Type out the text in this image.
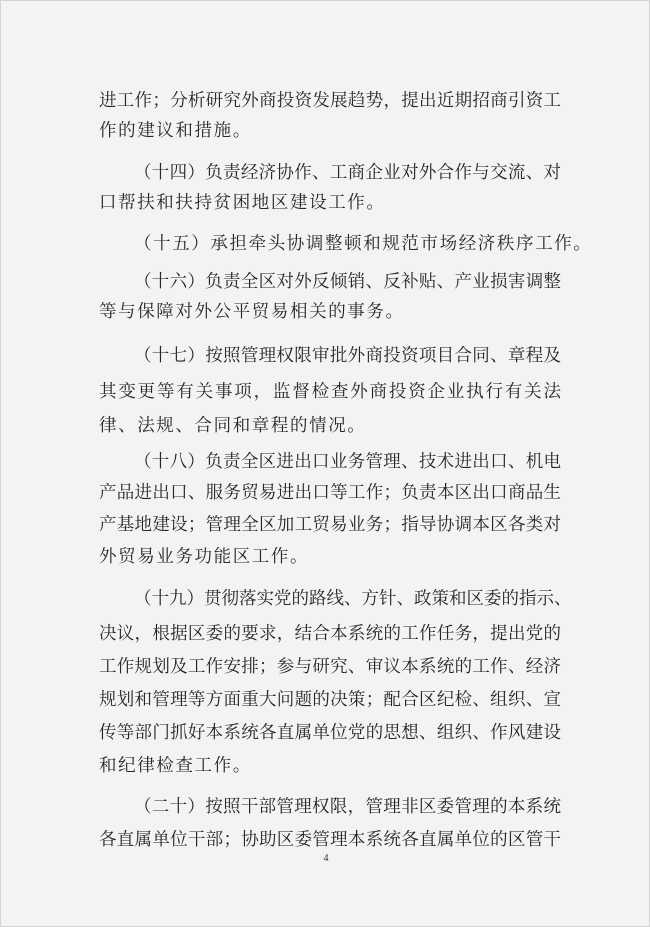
进工作；分析研究外商投资发展趋势，提出近期招商引资工
作的建议和措施。
（十四）负责经济协作、工商企业对外合作与交流、对
口帮扶和扶持贫困地区建设工作。
（十五）承担牵头协调整顿和规范市场经济秩序工作。
（十六）负责全区对外反倾销、反补贴、产业损害调整
等与保障对外公平贸易相关的事务。
（十七）按照管理权限审批外商投资项目合同、章程及
其变更等有关事项，监督检查外商投资企业执行有关法
律、法规、合同和章程的情况。
（十八）负责全区进出口业务管理、技术进出口、机电
产品进出口、服务贸易进出口等工作；负责本区出口商品生
产基地建设；管理全区加工贸易业务；指导协调本区各类对
外贸易业务功能区工作。
（十九）贯彻落实党的路线、方针、政策和区委的指示、
决议，根据区委的要求，结合本系统的工作任务，提出党的
工作规划及工作安排；参与研究、审议本系统的工作、经济
规划和管理等方面重大问题的决策；配合区纪检、组织、宣
传等部门抓好本系统各直属单位党的思想、组织、作风建设
和纪律检查工作。
（二十）按照干部管理权限，管理非区委管理的本系统
各直属单位干部；协助区委管理本系统各直属单位的区管干
4
